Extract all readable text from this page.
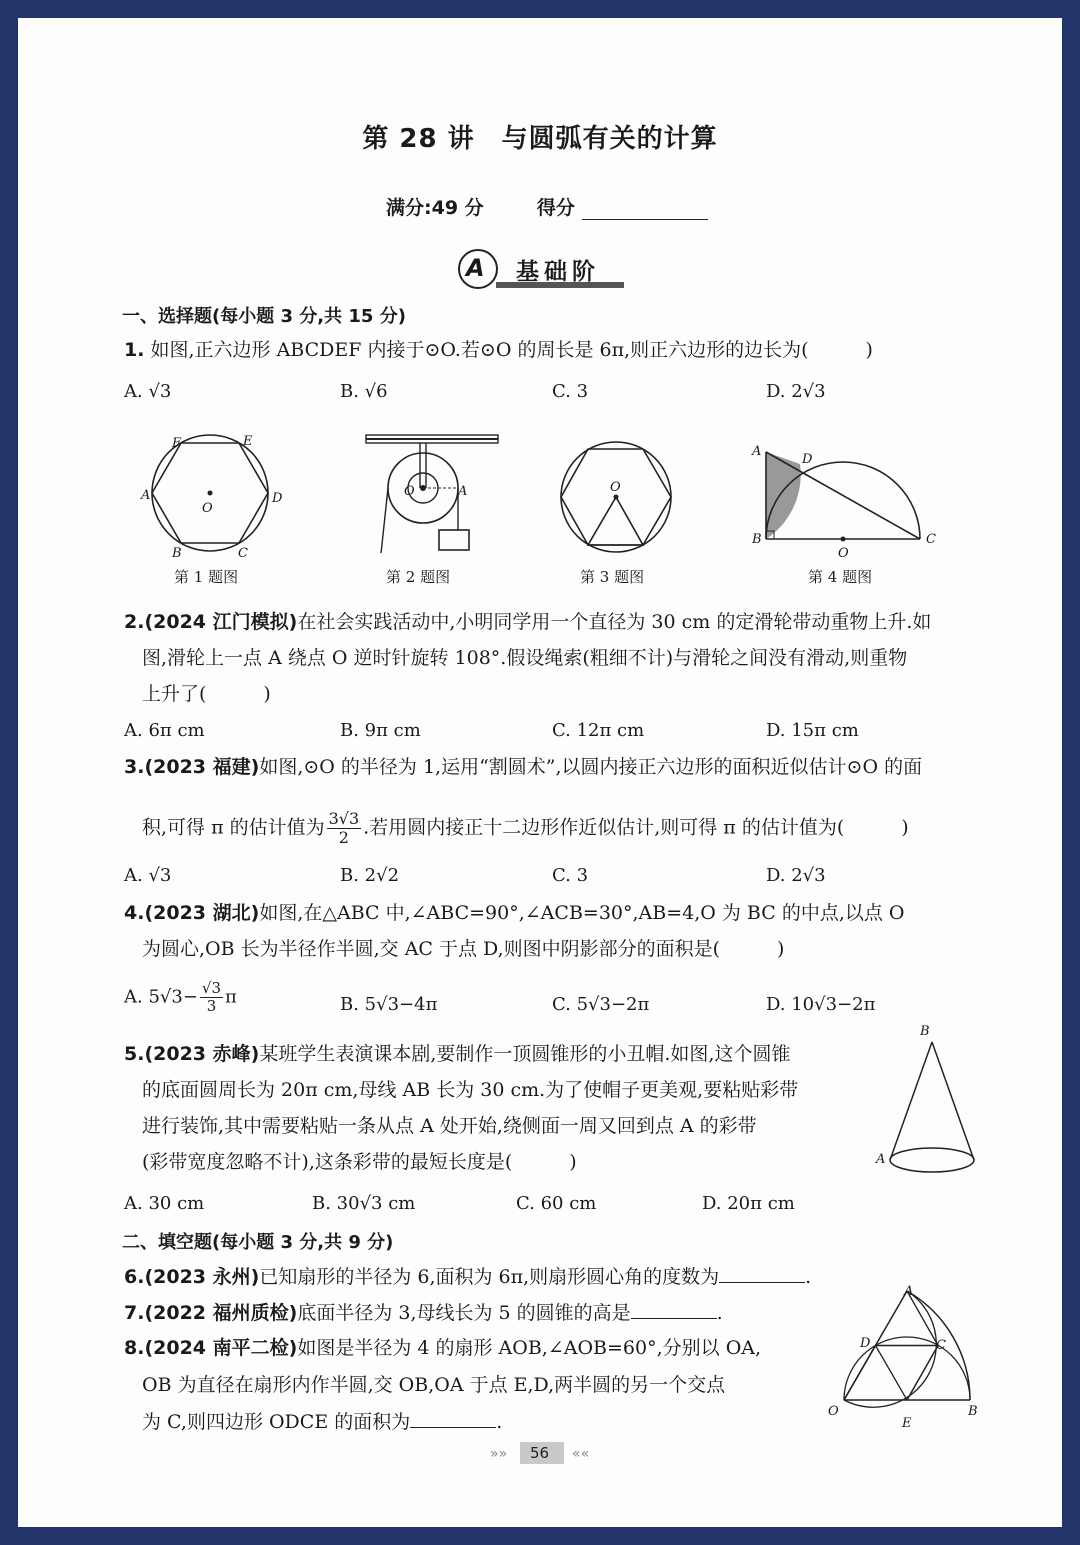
第 28 讲　与圆弧有关的计算
满分:49 分	得分
A 基础阶
一、选择题(每小题 3 分,共 15 分)
1. 如图,正六边形 ABCDEF 内接于⊙O.若⊙O 的周长是 6π,则正六边形的边长为(　　　)
A. √3	B. √6	C. 3	D. 2√3
F	E
A	D
B	C
O
O	A	O
A
D
B
O
C
第 1 题图	第 2 题图	第 3 题图	第 4 题图
2.(2024 江门模拟)在社会实践活动中,小明同学用一个直径为 30 cm 的定滑轮带动重物上升.如
图,滑轮上一点 A 绕点 O 逆时针旋转 108°.假设绳索(粗细不计)与滑轮之间没有滑动,则重物
上升了(　　　)
A. 6π cm	B. 9π cm	C. 12π cm	D. 15π cm
3.(2023 福建)如图,⊙O 的半径为 1,运用“割圆术”,以圆内接正六边形的面积近似估计⊙O 的面
积,可得 π 的估计值为 $\frac{3√3}{2}$ .若用圆内接正十二边形作近似估计,则可得 π 的估计值为(　　　)
A. √3	B. 2√2	C. 3	D. 2√3
4.(2023 湖北)如图,在△ABC 中,∠ABC=90°,∠ACB=30°,AB=4,O 为 BC 的中点,以点 O
为圆心,OB 长为半径作半圆,交 AC 于点 D,则图中阴影部分的面积是(　　　)
A. $5√3- \frac{√3}{3}$ π	B. 5√3−4π	C. 5√3−2π	D. 10√3−2π
5.(2023 赤峰)某班学生表演课本剧,要制作一顶圆锥形的小丑帽.如图,这个圆锥
的底面圆周长为 20π cm,母线 AB 长为 30 cm.为了使帽子更美观,要粘贴彩带
进行装饰,其中需要粘贴一条从点 A 处开始,绕侧面一周又回到点 A 的彩带
(彩带宽度忽略不计),这条彩带的最短长度是(　　　)
A. 30 cm	B. 30√3 cm	C. 60 cm	D. 20π cm
B
A
二、填空题(每小题 3 分,共 9 分)
6.(2023 永州)已知扇形的半径为 6,面积为 6π,则扇形圆心角的度数为	.
7.(2022 福州质检)底面半径为 3,母线长为 5 的圆锥的高是	.
8.(2024 南平二检)如图是半径为 4 的扇形 AOB,∠AOB=60°,分别以 OA,
OB 为直径在扇形内作半圆,交 OB,OA 于点 E,D,两半圆的另一个交点
为 C,则四边形 ODCE 的面积为	.
A
D	C
O
E
B
»»	««
56
